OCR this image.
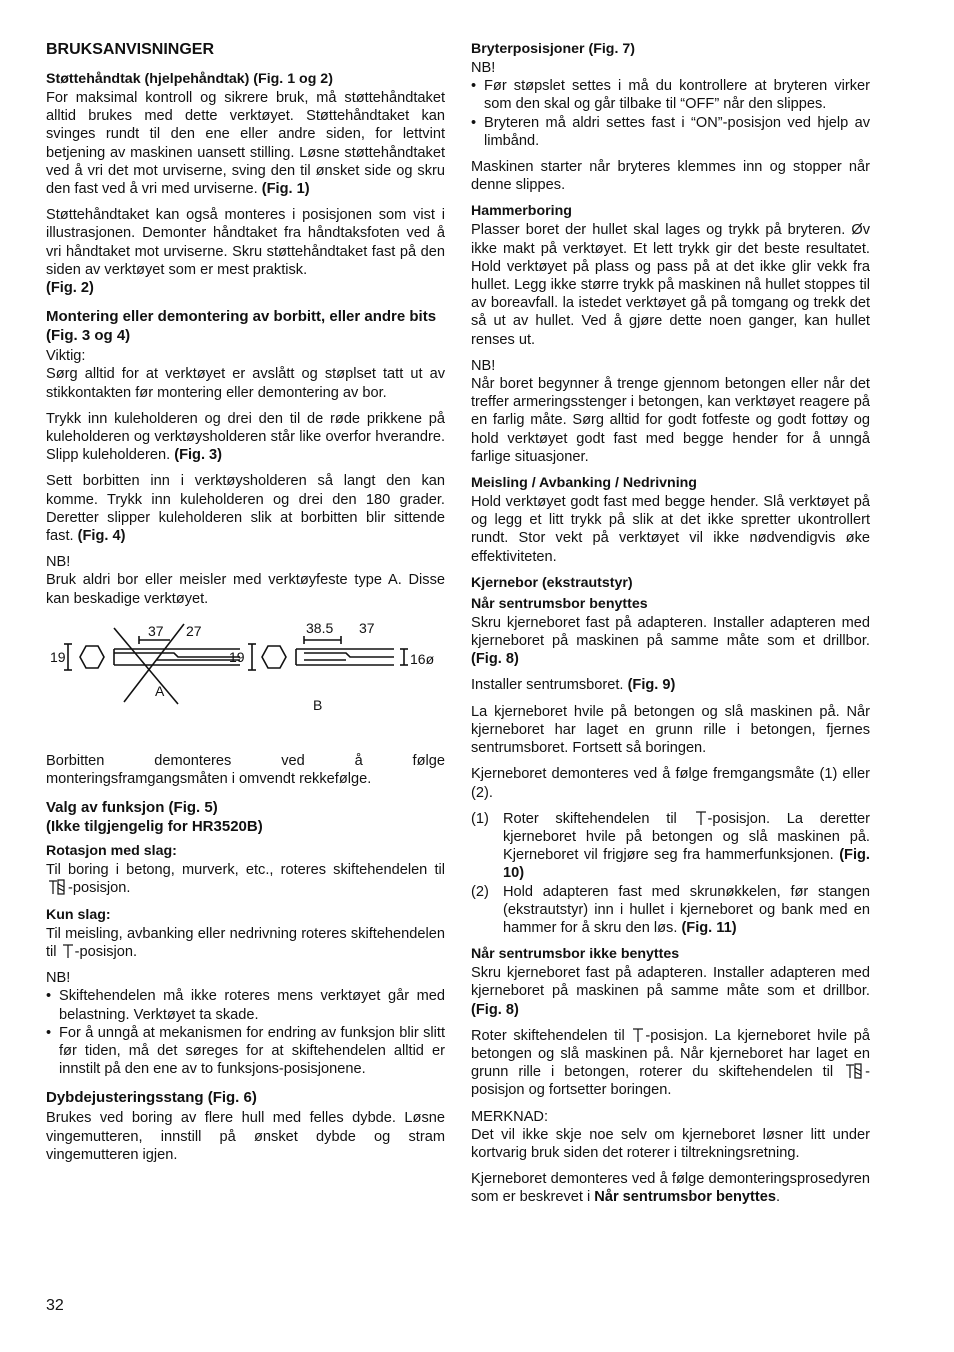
BRUKSANVISNINGER
Støttehåndtak (hjelpehåndtak) (Fig. 1 og 2)

For maksimal kontroll og sikrere bruk, må støttehåndtaket alltid brukes med dette verktøyet. Støttehåndtaket kan svinges rundt til den ene eller andre siden, for lettvint betjening av maskinen uansett stilling. Løsne støttehåndtaket ved å vri det mot urviserne, sving den til ønsket side og skru den fast ved å vri med urviserne. (Fig. 1)

Støttehåndtaket kan også monteres i posisjonen som vist i illustrasjonen. Demonter håndtaket fra håndtaksfoten ved å vri håndtaket mot urviserne. Skru støttehåndtaket fast på den siden av verktøyet som er mest praktisk.
(Fig. 2)

Montering eller demontering av borbitt, eller andre bits (Fig. 3 og 4)

Viktig:
Sørg alltid for at verktøyet er avslått og støplset tatt ut av stikkontakten før montering eller demontering av bor.

Trykk inn kuleholderen og drei den til de røde prikkene på kuleholderen og verktøysholderen står like overfor hverandre. Slipp kuleholderen. (Fig. 3)

Sett borbitten inn i verktøysholderen så langt den kan komme. Trykk inn kuleholderen og drei den 180 grader. Deretter slipper kuleholderen slik at borbitten blir sittende fast. (Fig. 4)

NB!
Bruk aldri bor eller meisler med verktøyfeste type A. Disse kan beskadige verktøyet.

19
37 27
A
19
38.5 37
16ø
B

Borbitten demonteres ved å følge monteringsframgangsmåten i omvendt rekkefølge.

Valg av funksjon (Fig. 5)
(Ikke tilgjengelig for HR3520B)
Rotasjon med slag:

Til boring i betong, murverk, etc., roteres skiftehendelen til -posisjon.

Kun slag:

Til meisling, avbanking eller nedrivning roteres skiftehendelen til -posisjon.

NB!

• Skiftehendelen må ikke roteres mens verktøyet går med belastning. Verktøyet ta skade.
• For å unngå at mekanismen for endring av funksjon blir slitt før tiden, må det søreges for at skiftehendelen alltid er innstilt på den ene av to funksjons-posisjonene.
Dybdejusteringsstang (Fig. 6)

Brukes ved boring av flere hull med felles dybde. Løsne vingemutteren, innstill på ønsket dybde og stram vingemutteren igjen.

Bryterposisjoner (Fig. 7)

NB!

• Før støpslet settes i må du kontrollere at bryteren virker som den skal og går tilbake til “OFF” når den slippes.
• Bryteren må aldri settes fast i “ON”-posisjon ved hjelp av limbånd.

Maskinen starter når bryteres klemmes inn og stopper når denne slippes.

Hammerboring

Plasser boret der hullet skal lages og trykk på bryteren. Øv ikke makt på verktøyet. Et lett trykk gir det beste resultatet. Hold verktøyet på plass og pass på at det ikke glir vekk fra hullet. Legg ikke større trykk på maskinen nå hullet stoppes til av boreavfall. la istedet verktøyet gå på tomgang og trekk det så ut av hullet. Ved å gjøre dette noen ganger, kan hullet renses ut.

NB!
Når boret begynner å trenge gjennom betongen eller når det treffer armeringsstenger i betongen, kan verktøyet reagere på en farlig måte. Sørg alltid for godt fotfeste og godt fottøy og hold verktøyet godt fast med begge hender for å unngå farlige situasjoner.

Meisling / Avbanking / Nedrivning

Hold verktøyet godt fast med begge hender. Slå verktøyet på og legg et litt trykk på slik at det ikke spretter ukontrollert rundt. Stor vekt på verktøyet vil ikke nødvendigvis øke effektiviteten.

Kjernebor (ekstrautstyr)
Når sentrumsbor benyttes

Skru kjerneboret fast på adapteren. Installer adapteren med kjerneboret på maskinen på samme måte som et drillbor. (Fig. 8)

Installer sentrumsboret. (Fig. 9)

La kjerneboret hvile på betongen og slå maskinen på. Når kjerneboret har laget en grunn rille i betongen, fjernes sentrumsboret. Fortsett så boringen.

Kjerneboret demonteres ved å følge fremgangsmåte (1) eller (2).

(1) Roter skiftehendelen til -posisjon. La deretter kjerneboret hvile på betongen og slå maskinen på. Kjerneboret vil frigjøre seg fra hammerfunksjonen. (Fig. 10)
(2) Hold adapteren fast med skrunøkkelen, før stangen (ekstrautstyr) inn i hullet i kjerneboret og bank med en hammer for å skru den løs. (Fig. 11)
Når sentrumsbor ikke benyttes

Skru kjerneboret fast på adapteren. Installer adapteren med kjerneboret på maskinen på samme måte som et drillbor. (Fig. 8)

Roter skiftehendelen til -posisjon. La kjerneboret hvile på betongen og slå maskinen på. Når kjerneboret har laget en grunn rille i betongen, roterer du skiftehendelen til -posisjon og fortsetter boringen.

MERKNAD:
Det vil ikke skje noe selv om kjerneboret løsner litt under kortvarig bruk siden det roterer i tiltrekningsretning.

Kjerneboret demonteres ved å følge demonteringsprosedyren som er beskrevet i Når sentrumsbor benyttes.

32
